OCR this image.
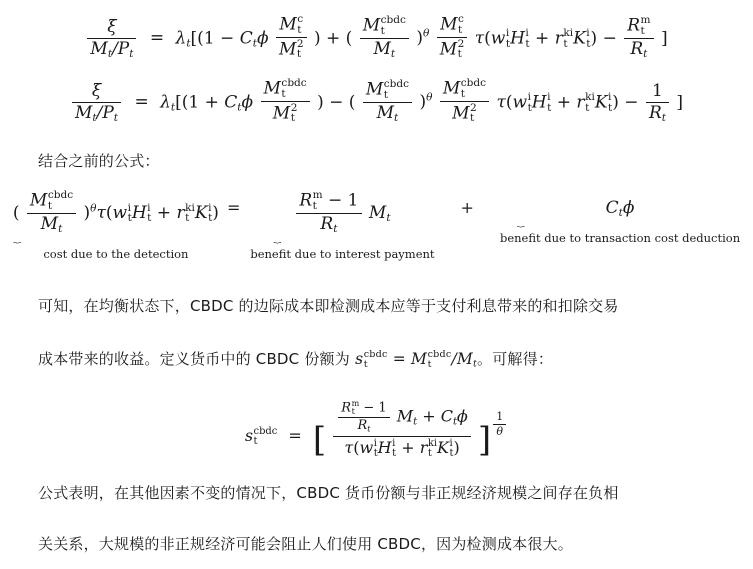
$\frac{\xi}{M_t/P_t} = \lambda_t[(1 - C_t\phi$ M c
t
M 2
t ) + ( M cbdc
t
$M_t$ )$^\theta$ M c
t
M 2
t τ(w i
t H i
t + r ki
t K i
t ) − R m
t
$R_t$ ]
$\frac{\xi}{M_t/P_t} = \lambda_t[(1 + C_t\phi$ M cbdc
t
M 2
t ) − ( M cbdc
t
$M_t$ )$^\theta$ M cbdc
t
M 2
t τ(w i
t H i
t + r ki
t K i
t ) − $\frac{1}{R_t}$ ]
结合之前的公式：
( M cbdc
t
$M_t$ )$^\theta$τ(w i
t H i
t + r ki
t K i
t )
⏟
cost due to the detection
=	R m
t − 1
$R_t$ $M_t$
⏟
benefit due to interest payment
+	$C_t\phi$
⏟
benefit due to transaction cost deduction
可知，在均衡状态下，CBDC 的边际成本即检测成本应等于支付利息带来的和扣除交易
成本带来的收益。定义货币中的 CBDC 份额为 s cbdc
t	= M cbdc
t	$/M_t$。可解得：
s cbdc
t	= [ R m
t − 1
$R_t$ $M_t + C_t\phi$
τ(w i
t H i
t + r ki
t K i
t ) ] $\frac{1}{\theta}$
公式表明，在其他因素不变的情况下，CBDC 货币份额与非正规经济规模之间存在负相
关关系，大规模的非正规经济可能会阻止人们使用 CBDC，因为检测成本很大。
